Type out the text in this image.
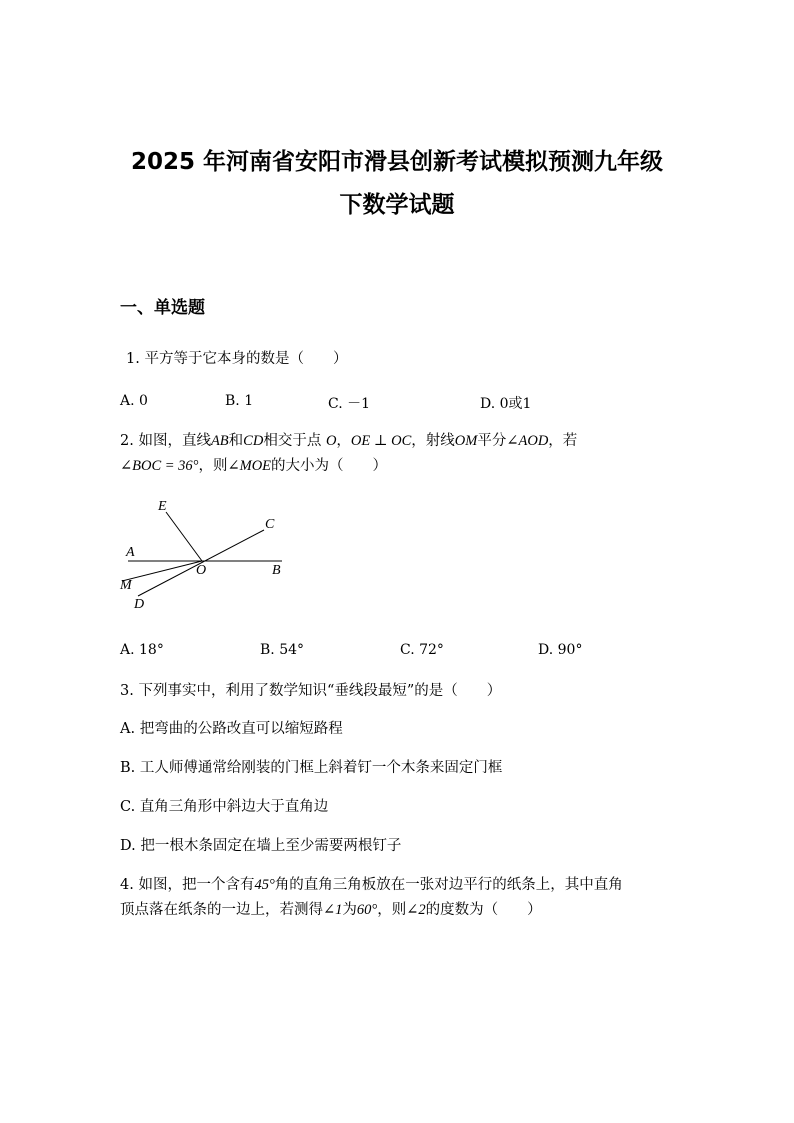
2025 年河南省安阳市滑县创新考试模拟预测九年级
下数学试题
一、单选题
1. 平方等于它本身的数是（　　）
A. 0	B. 1	C. －1	D. 0或1
2. 如图，直线AB和CD相交于点 O，OE ⊥ OC，射线OM平分∠AOD，若
∠BOC = 36°，则∠MOE的大小为（　　）
E
C
A
O	B
M
D
A. 18°	B. 54°	C. 72°	D. 90°
3. 下列事实中，利用了数学知识“垂线段最短”的是（　　）
A. 把弯曲的公路改直可以缩短路程
B. 工人师傅通常给刚装的门框上斜着钉一个木条来固定门框
C. 直角三角形中斜边大于直角边
D. 把一根木条固定在墙上至少需要两根钉子
4. 如图，把一个含有45°角的直角三角板放在一张对边平行的纸条上，其中直角
顶点落在纸条的一边上，若测得∠1为60°，则∠2的度数为（　　）
